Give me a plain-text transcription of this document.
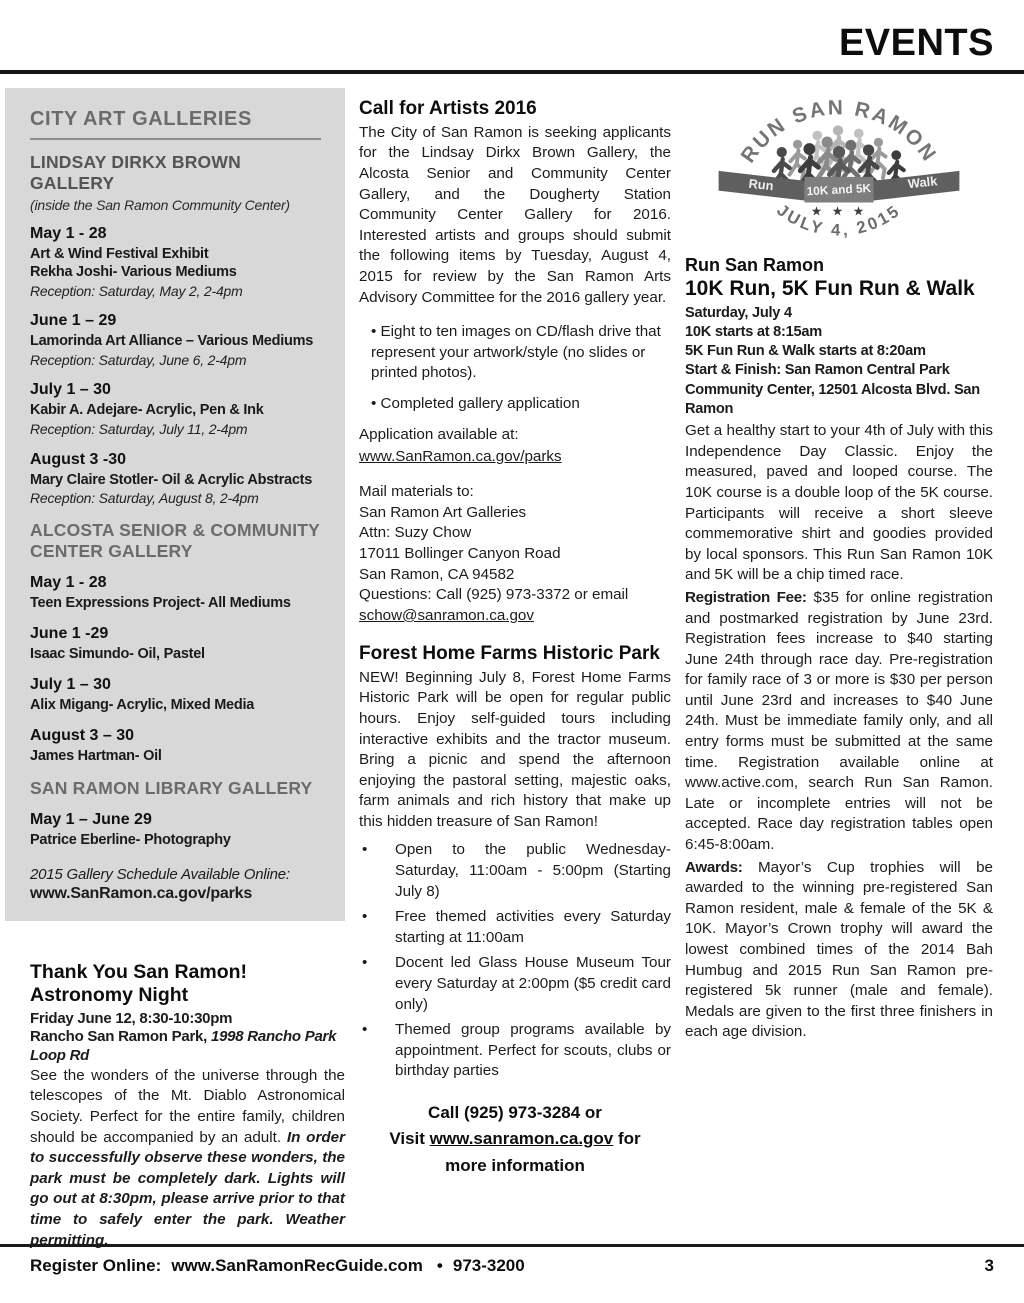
EVENTS
CITY ART GALLERIES
LINDSAY DIRKX BROWN GALLERY
(inside the San Ramon Community Center)
May 1 - 28
Art & Wind Festival Exhibit
Rekha Joshi- Various Mediums
Reception: Saturday, May 2, 2-4pm
June 1 – 29
Lamorinda Art Alliance – Various Mediums
Reception: Saturday, June 6, 2-4pm
July 1 – 30
Kabir A. Adejare- Acrylic, Pen & Ink
Reception: Saturday, July 11, 2-4pm
August 3 -30
Mary Claire Stotler- Oil & Acrylic Abstracts
Reception: Saturday, August 8, 2-4pm
ALCOSTA SENIOR & COMMUNITY CENTER GALLERY
May 1 - 28
Teen Expressions Project- All Mediums
June 1 -29
Isaac Simundo- Oil, Pastel
July 1 – 30
Alix Migang- Acrylic, Mixed Media
August 3 – 30
James Hartman- Oil
SAN RAMON LIBRARY GALLERY
May 1 – June 29
Patrice Eberline- Photography
2015 Gallery Schedule Available Online:
www.SanRamon.ca.gov/parks
Thank You San Ramon!
Astronomy Night
Friday June 12, 8:30-10:30pm
Rancho San Ramon Park, 1998 Rancho Park Loop Rd

See the wonders of the universe through the telescopes of the Mt. Diablo Astronomical Society. Perfect for the entire family, children should be accompanied by an adult. In order to successfully observe these wonders, the park must be completely dark. Lights will go out at 8:30pm, please arrive prior to that time to safely enter the park. Weather permitting.

Call for Artists 2016

The City of San Ramon is seeking applicants for the Lindsay Dirkx Brown Gallery, the Alcosta Senior and Community Center Gallery, and the Dougherty Station Community Center Gallery for 2016. Interested artists and groups should submit the following items by Tuesday, August 4, 2015 for review by the San Ramon Arts Advisory Committee for the 2016 gallery year.

• Eight to ten images on CD/flash drive that represent your artwork/style (no slides or printed photos).
• Completed gallery application
Application available at:
www.SanRamon.ca.gov/parks
Mail materials to:
San Ramon Art Galleries
Attn: Suzy Chow
17011 Bollinger Canyon Road
San Ramon, CA 94582
Questions: Call (925) 973-3372 or email
schow@sanramon.ca.gov
Forest Home Farms Historic Park

NEW! Beginning July 8, Forest Home Farms Historic Park will be open for regular public hours. Enjoy self-guided tours including interactive exhibits and the tractor museum. Bring a picnic and spend the afternoon enjoying the pastoral setting, majestic oaks, farm animals and rich history that make up this hidden treasure of San Ramon!

• Open to the public Wednesday-Saturday, 11:00am - 5:00pm (Starting July 8)
• Free themed activities every Saturday starting at 11:00am
• Docent led Glass House Museum Tour every Saturday at 2:00pm ($5 credit card only)
• Themed group programs available by appointment. Perfect for scouts, clubs or birthday parties
Call (925) 973-3284 or
Visit www.sanramon.ca.gov for
more information
Run	10K and 5K	Walk
RUN SAN RAMON
★ ★ ★
JULY 4, 2015
Run San Ramon
10K Run, 5K Fun Run & Walk
Saturday, July 4
10K starts at 8:15am
5K Fun Run & Walk starts at 8:20am
Start & Finish: San Ramon Central Park Community Center, 12501 Alcosta Blvd. San Ramon

Get a healthy start to your 4th of July with this Independence Day Classic. Enjoy the measured, paved and looped course. The 10K course is a double loop of the 5K course. Participants will receive a short sleeve commemorative shirt and goodies provided by local sponsors. This Run San Ramon 10K and 5K will be a chip timed race.

Registration Fee: $35 for online registration and postmarked registration by June 23rd. Registration fees increase to $40 starting June 24th through race day. Pre-registration for family race of 3 or more is $30 per person until June 23rd and increases to $40 June 24th. Must be immediate family only, and all entry forms must be submitted at the same time. Registration available online at www.active.com, search Run San Ramon. Late or incomplete entries will not be accepted. Race day registration tables open 6:45-8:00am.

Awards: Mayor’s Cup trophies will be awarded to the winning pre-registered San Ramon resident, male & female of the 5K & 10K. Mayor’s Crown trophy will award the lowest combined times of the 2014 Bah Humbug and 2015 Run San Ramon pre-registered 5k runner (male and female). Medals are given to the first three finishers in each age division.

Register Online: www.SanRamonRecGuide.com • 973-3200	3
